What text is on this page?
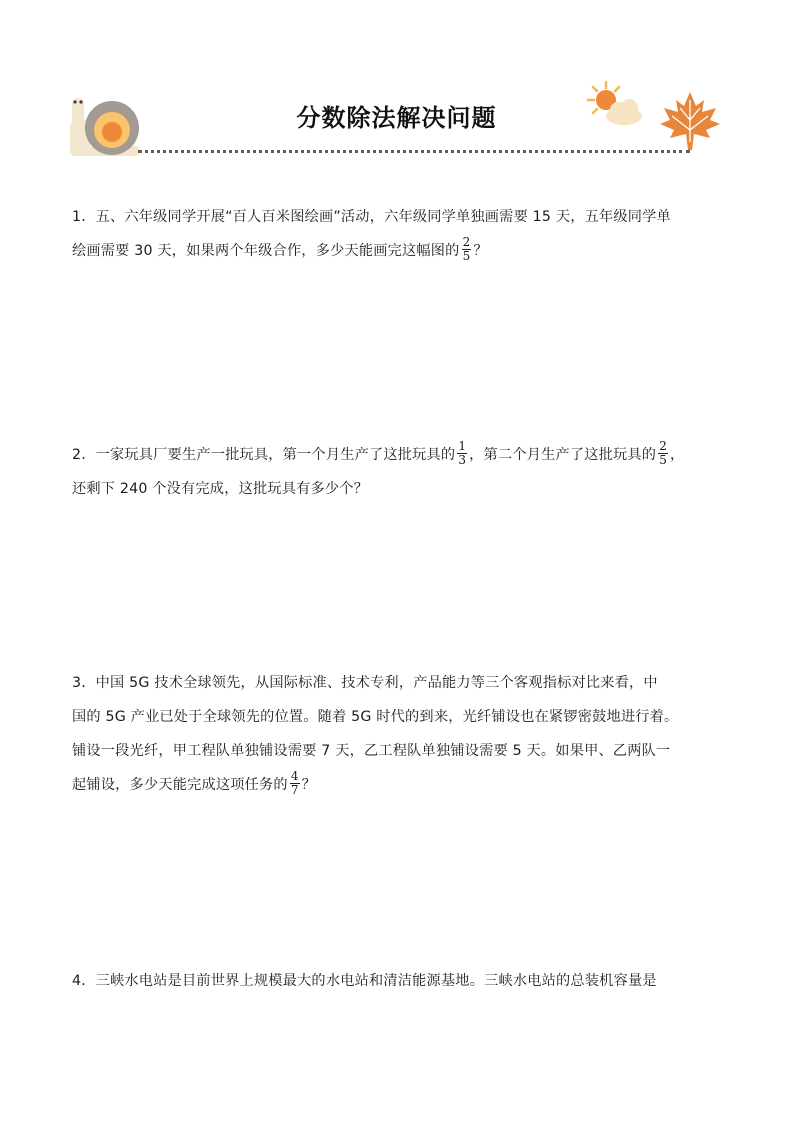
分数除法解决问题

1．五、六年级同学开展“百人百米图绘画”活动，六年级同学单独画需要 15 天，五年级同学单

绘画需要 30 天，如果两个年级合作，多少天能画完这幅图的 $\frac{2}{5}$ ？

2．一家玩具厂要生产一批玩具，第一个月生产了这批玩具的 $\frac{1}{3}$ ，第二个月生产了这批玩具的 $\frac{2}{5}$ ，

还剩下 240 个没有完成，这批玩具有多少个？

3．中国 5G 技术全球领先，从国际标准、技术专利，产品能力等三个客观指标对比来看，中

国的 5G 产业已处于全球领先的位置。随着 5G 时代的到来，光纤铺设也在紧锣密鼓地进行着。

铺设一段光纤，甲工程队单独铺设需要 7 天，乙工程队单独铺设需要 5 天。如果甲、乙两队一

起铺设，多少天能完成这项任务的 $\frac{4}{7}$ ？

4．三峡水电站是目前世界上规模最大的水电站和清洁能源基地。三峡水电站的总装机容量是
